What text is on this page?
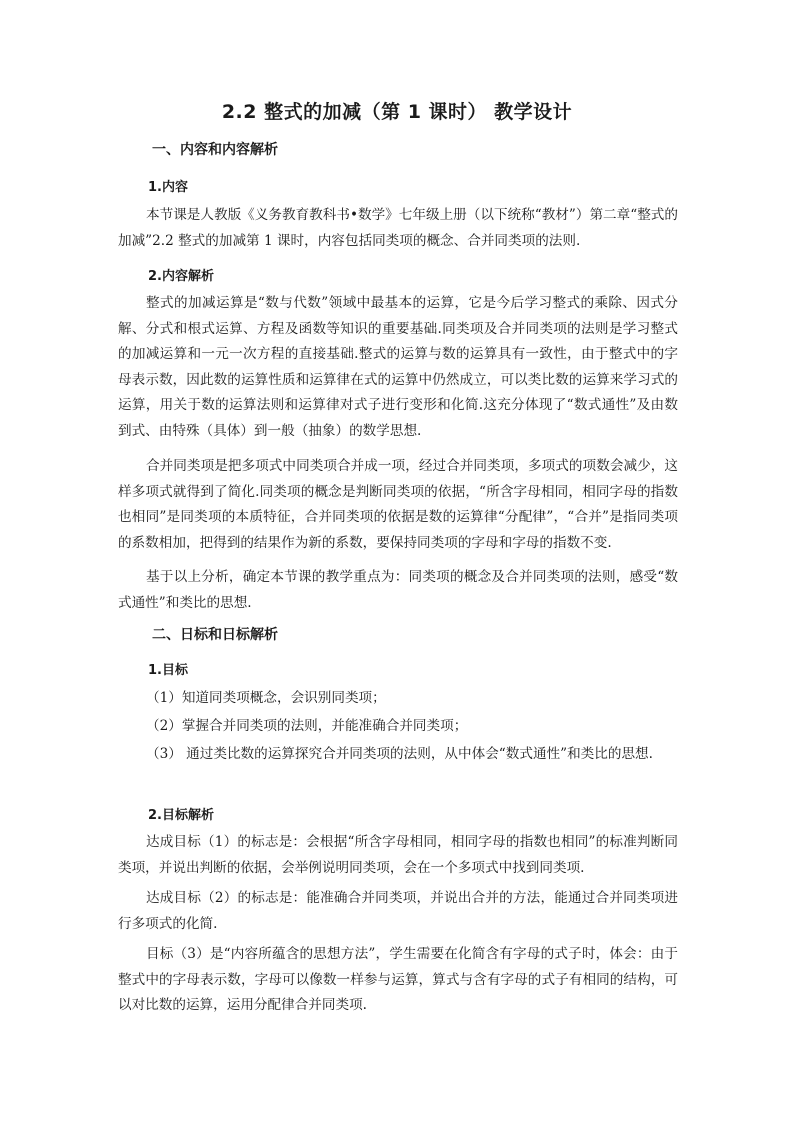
2.2 整式的加减（第 1 课时） 教学设计
一、内容和内容解析
1.内容
本节课是人教版《义务教育教科书•数学》七年级上册（以下统称“教材”）第二章“整式的加减”2.2 整式的加减第 1 课时，内容包括同类项的概念、合并同类项的法则.
2.内容解析
整式的加减运算是“数与代数”领域中最基本的运算，它是今后学习整式的乘除、因式分解、分式和根式运算、方程及函数等知识的重要基础.同类项及合并同类项的法则是学习整式的加减运算和一元一次方程的直接基础.整式的运算与数的运算具有一致性，由于整式中的字母表示数，因此数的运算性质和运算律在式的运算中仍然成立，可以类比数的运算来学习式的运算，用关于数的运算法则和运算律对式子进行变形和化简.这充分体现了“数式通性”及由数到式、由特殊（具体）到一般（抽象）的数学思想.
合并同类项是把多项式中同类项合并成一项，经过合并同类项，多项式的项数会减少，这样多项式就得到了简化.同类项的概念是判断同类项的依据，“所含字母相同，相同字母的指数也相同”是同类项的本质特征，合并同类项的依据是数的运算律“分配律”，“合并”是指同类项的系数相加，把得到的结果作为新的系数，要保持同类项的字母和字母的指数不变.
基于以上分析，确定本节课的教学重点为：同类项的概念及合并同类项的法则，感受“数式通性”和类比的思想.
二、日标和日标解析
1.目标
（1）知道同类项概念，会识别同类项；
（2）掌握合并同类项的法则，并能准确合并同类项；
（3） 通过类比数的运算探究合并同类项的法则，从中体会“数式通性”和类比的思想.
2.目标解析
达成目标（1）的标志是：会根据“所含字母相同，相同字母的指数也相同”的标准判断同类项，并说出判断的依据，会举例说明同类项，会在一个多项式中找到同类项.
达成目标（2）的标志是：能准确合并同类项，并说出合并的方法，能通过合并同类项进行多项式的化简.
目标（3）是“内容所蕴含的思想方法”，学生需要在化简含有字母的式子时，体会：由于整式中的字母表示数，字母可以像数一样参与运算，算式与含有字母的式子有相同的结构，可以对比数的运算，运用分配律合并同类项.
